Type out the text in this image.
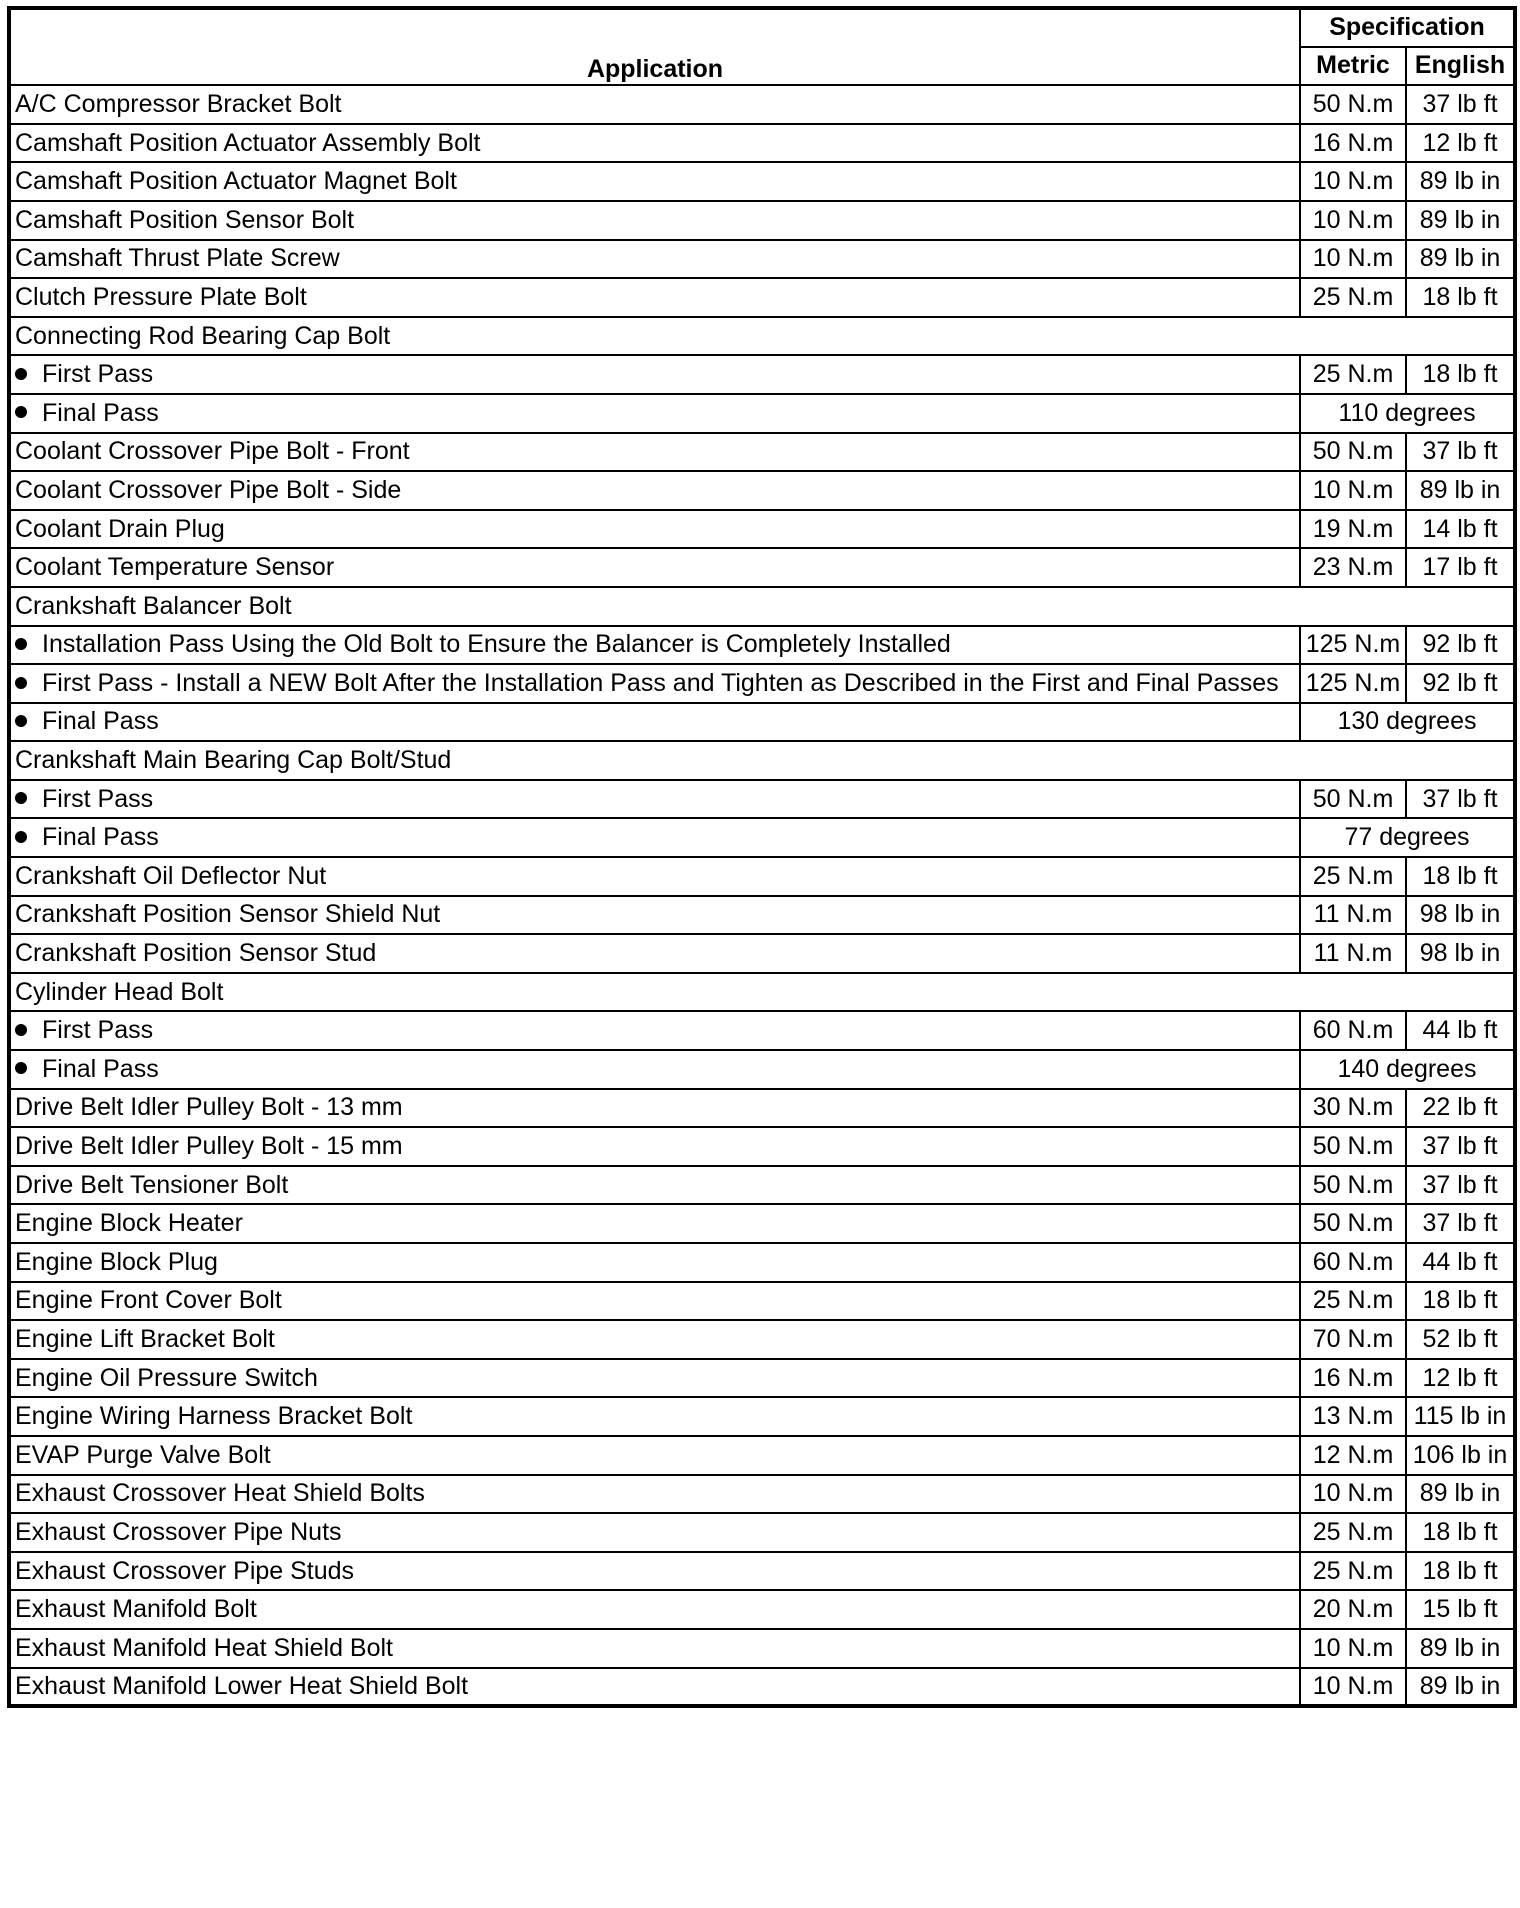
Application	Specification	
	Metric	English
A/C Compressor Bracket Bolt	50 N.m	37 lb ft
Camshaft Position Actuator Assembly Bolt	16 N.m	12 lb ft
Camshaft Position Actuator Magnet Bolt	10 N.m	89 lb in
Camshaft Position Sensor Bolt	10 N.m	89 lb in
Camshaft Thrust Plate Screw	10 N.m	89 lb in
Clutch Pressure Plate Bolt	25 N.m	18 lb ft
Connecting Rod Bearing Cap Bolt		
First Pass	25 N.m	18 lb ft
Final Pass	110 degrees	
Coolant Crossover Pipe Bolt - Front	50 N.m	37 lb ft
Coolant Crossover Pipe Bolt - Side	10 N.m	89 lb in
Coolant Drain Plug	19 N.m	14 lb ft
Coolant Temperature Sensor	23 N.m	17 lb ft
Crankshaft Balancer Bolt		
Installation Pass Using the Old Bolt to Ensure the Balancer is Completely Installed	125 N.m	92 lb ft

First Pass - Install a NEW Bolt After the Installation Pass and Tighten as Described in the First and Final Passes	125 N.m	92 lb ft
Final Pass	130 degrees	
Crankshaft Main Bearing Cap Bolt/Stud		
First Pass	50 N.m	37 lb ft
Final Pass	77 degrees	
Crankshaft Oil Deflector Nut	25 N.m	18 lb ft
Crankshaft Position Sensor Shield Nut	11 N.m	98 lb in
Crankshaft Position Sensor Stud	11 N.m	98 lb in
Cylinder Head Bolt		
First Pass	60 N.m	44 lb ft
Final Pass	140 degrees	
Drive Belt Idler Pulley Bolt - 13 mm	30 N.m	22 lb ft
Drive Belt Idler Pulley Bolt - 15 mm	50 N.m	37 lb ft
Drive Belt Tensioner Bolt	50 N.m	37 lb ft
Engine Block Heater	50 N.m	37 lb ft
Engine Block Plug	60 N.m	44 lb ft
Engine Front Cover Bolt	25 N.m	18 lb ft
Engine Lift Bracket Bolt	70 N.m	52 lb ft
Engine Oil Pressure Switch	16 N.m	12 lb ft
Engine Wiring Harness Bracket Bolt	13 N.m	115 lb in
EVAP Purge Valve Bolt	12 N.m	106 lb in
Exhaust Crossover Heat Shield Bolts	10 N.m	89 lb in
Exhaust Crossover Pipe Nuts	25 N.m	18 lb ft
Exhaust Crossover Pipe Studs	25 N.m	18 lb ft
Exhaust Manifold Bolt	20 N.m	15 lb ft
Exhaust Manifold Heat Shield Bolt	10 N.m	89 lb in
Exhaust Manifold Lower Heat Shield Bolt	10 N.m	89 lb in
